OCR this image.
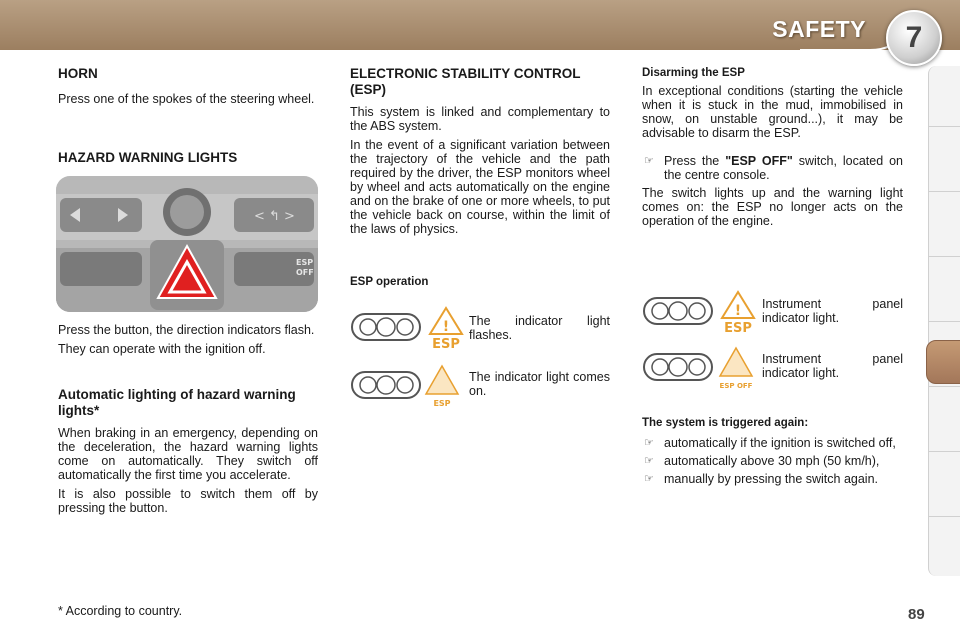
SAFETY 7
HORN

Press one of the spokes of the steering wheel.

HAZARD WARNING LIGHTS
< ↰ >
ESP
OFF

Press the button, the direction indicators flash.

They can operate with the ignition off.

Automatic lighting of hazard warning lights*

When braking in an emergency, depending on the deceleration, the hazard warning lights come on automatically. They switch off automatically the first time you accelerate.

It is also possible to switch them off by pressing the button.

ELECTRONIC STABILITY CONTROL (ESP)

This system is linked and complementary to the ABS system.

In the event of a significant variation between the trajectory of the vehicle and the path required by the driver, the ESP monitors wheel by wheel and acts automatically on the engine and on the brake of one or more wheels, to put the vehicle back on course, within the limit of the laws of physics.

ESP operation
!
ESP
The indicator light flashes.
ESP
The indicator light comes on.
Disarming the ESP

In exceptional conditions (starting the vehicle when it is stuck in the mud, immobilised in snow, on unstable ground...), it may be advisable to disarm the ESP.

☞ Press the "ESP OFF" switch, located on the centre console.

The switch lights up and the warning light comes on: the ESP no longer acts on the operation of the engine.

!
ESP
Instrument panel indicator light.
ESP OFF
Instrument panel indicator light.
The system is triggered again:
☞ automatically if the ignition is switched off,
☞ automatically above 30 mph (50 km/h),
☞ manually by pressing the switch again.
* According to country.	89
